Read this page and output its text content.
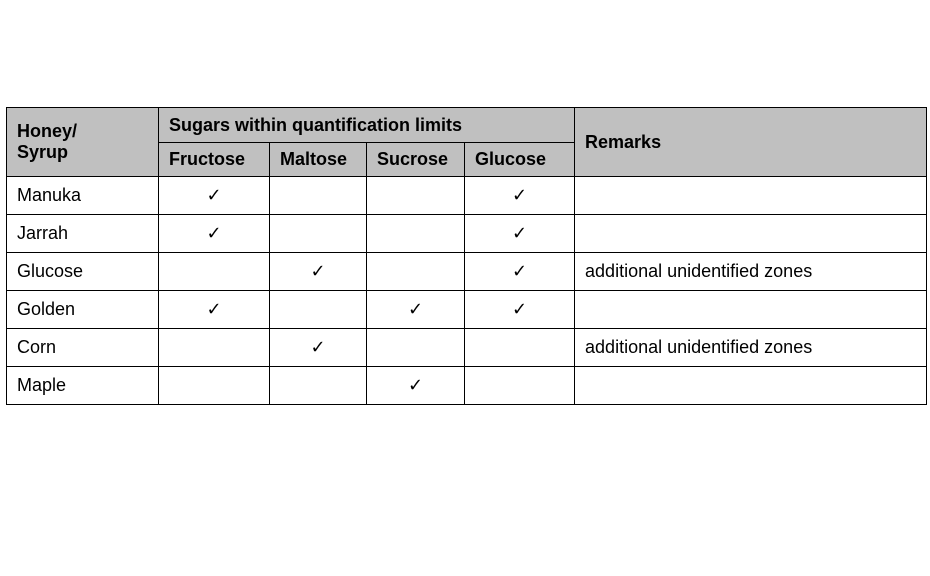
Honey/
Syrup	Sugars within quantification limits				Remarks
	Fructose	Maltose	Sucrose	Glucose	
Manuka	✓			✓	
Jarrah	✓			✓	
Glucose		✓		✓	additional unidentified zones
Golden	✓		✓	✓	
Corn		✓			additional unidentified zones
Maple			✓		
